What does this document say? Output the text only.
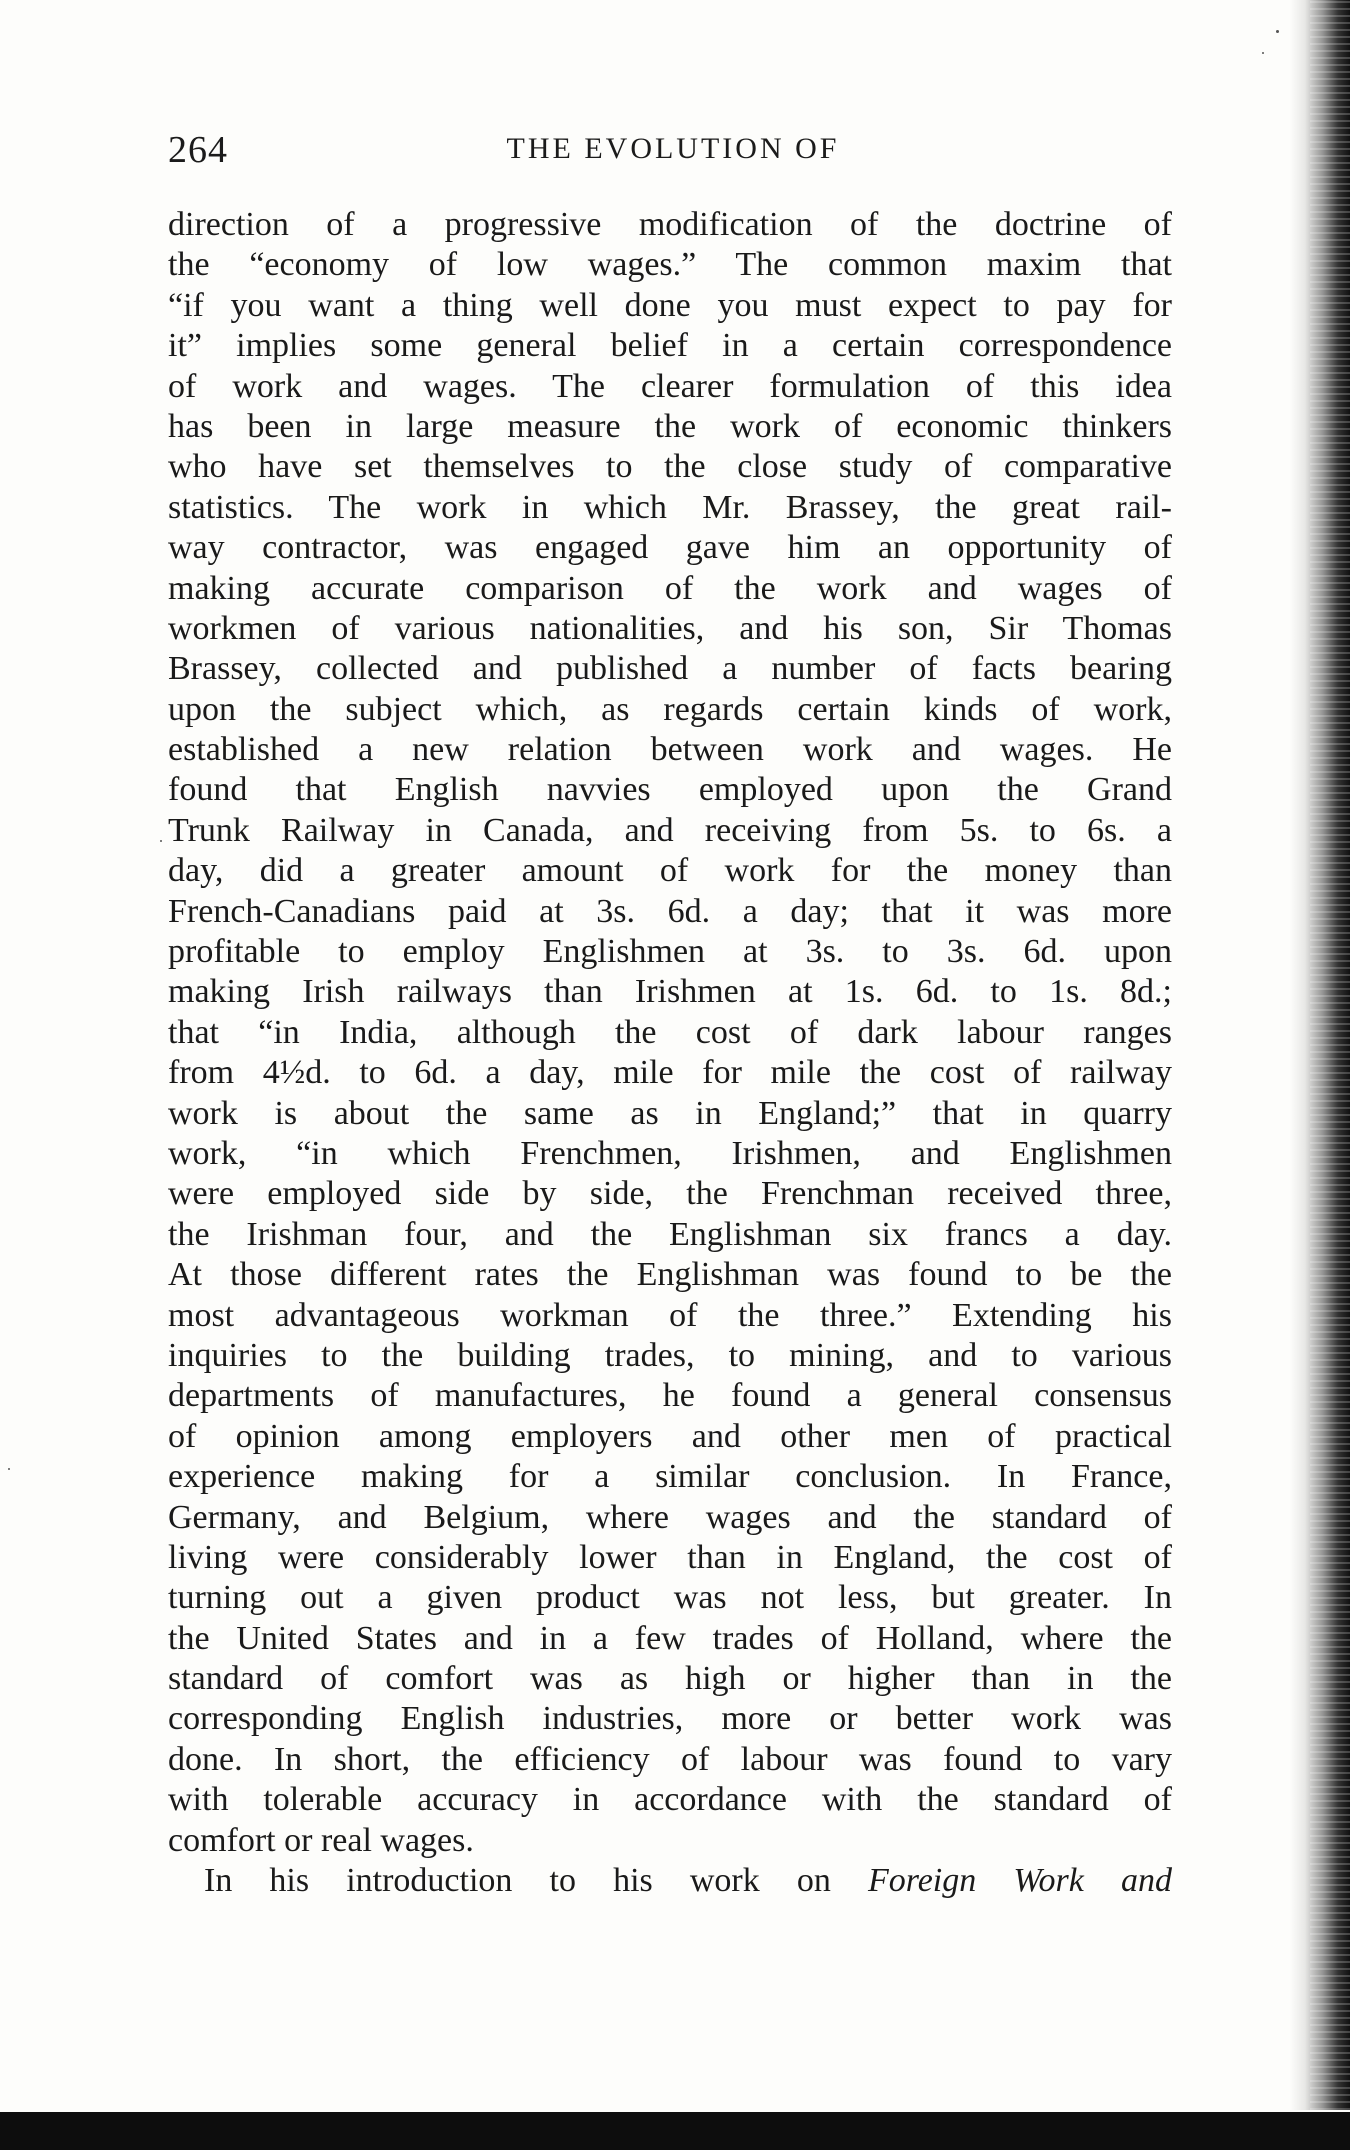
264	THE EVOLUTION OF
direction of a progressive modification of the doctrine of
the “economy of low wages.” The common maxim that
“if you want a thing well done you must expect to pay for
it” implies some general belief in a certain correspondence
of work and wages. The clearer formulation of this idea
has been in large measure the work of economic thinkers
who have set themselves to the close study of comparative
statistics. The work in which Mr. Brassey, the great rail-
way contractor, was engaged gave him an opportunity of
making accurate comparison of the work and wages of
workmen of various nationalities, and his son, Sir Thomas
Brassey, collected and published a number of facts bearing
upon the subject which, as regards certain kinds of work,
established a new relation between work and wages. He
found that English navvies employed upon the Grand
Trunk Railway in Canada, and receiving from 5s. to 6s. a
day, did a greater amount of work for the money than
French-Canadians paid at 3s. 6d. a day; that it was more
profitable to employ Englishmen at 3s. to 3s. 6d. upon
making Irish railways than Irishmen at 1s. 6d. to 1s. 8d.;
that “in India, although the cost of dark labour ranges
from 4½d. to 6d. a day, mile for mile the cost of railway
work is about the same as in England;” that in quarry
work, “in which Frenchmen, Irishmen, and Englishmen
were employed side by side, the Frenchman received three,
the Irishman four, and the Englishman six francs a day.
At those different rates the Englishman was found to be the
most advantageous workman of the three.” Extending his
inquiries to the building trades, to mining, and to various
departments of manufactures, he found a general consensus
of opinion among employers and other men of practical
experience making for a similar conclusion. In France,
Germany, and Belgium, where wages and the standard of
living were considerably lower than in England, the cost of
turning out a given product was not less, but greater. In
the United States and in a few trades of Holland, where the
standard of comfort was as high or higher than in the
corresponding English industries, more or better work was
done. In short, the efficiency of labour was found to vary
with tolerable accuracy in accordance with the standard of
comfort or real wages.
In his introduction to his work on Foreign Work and
